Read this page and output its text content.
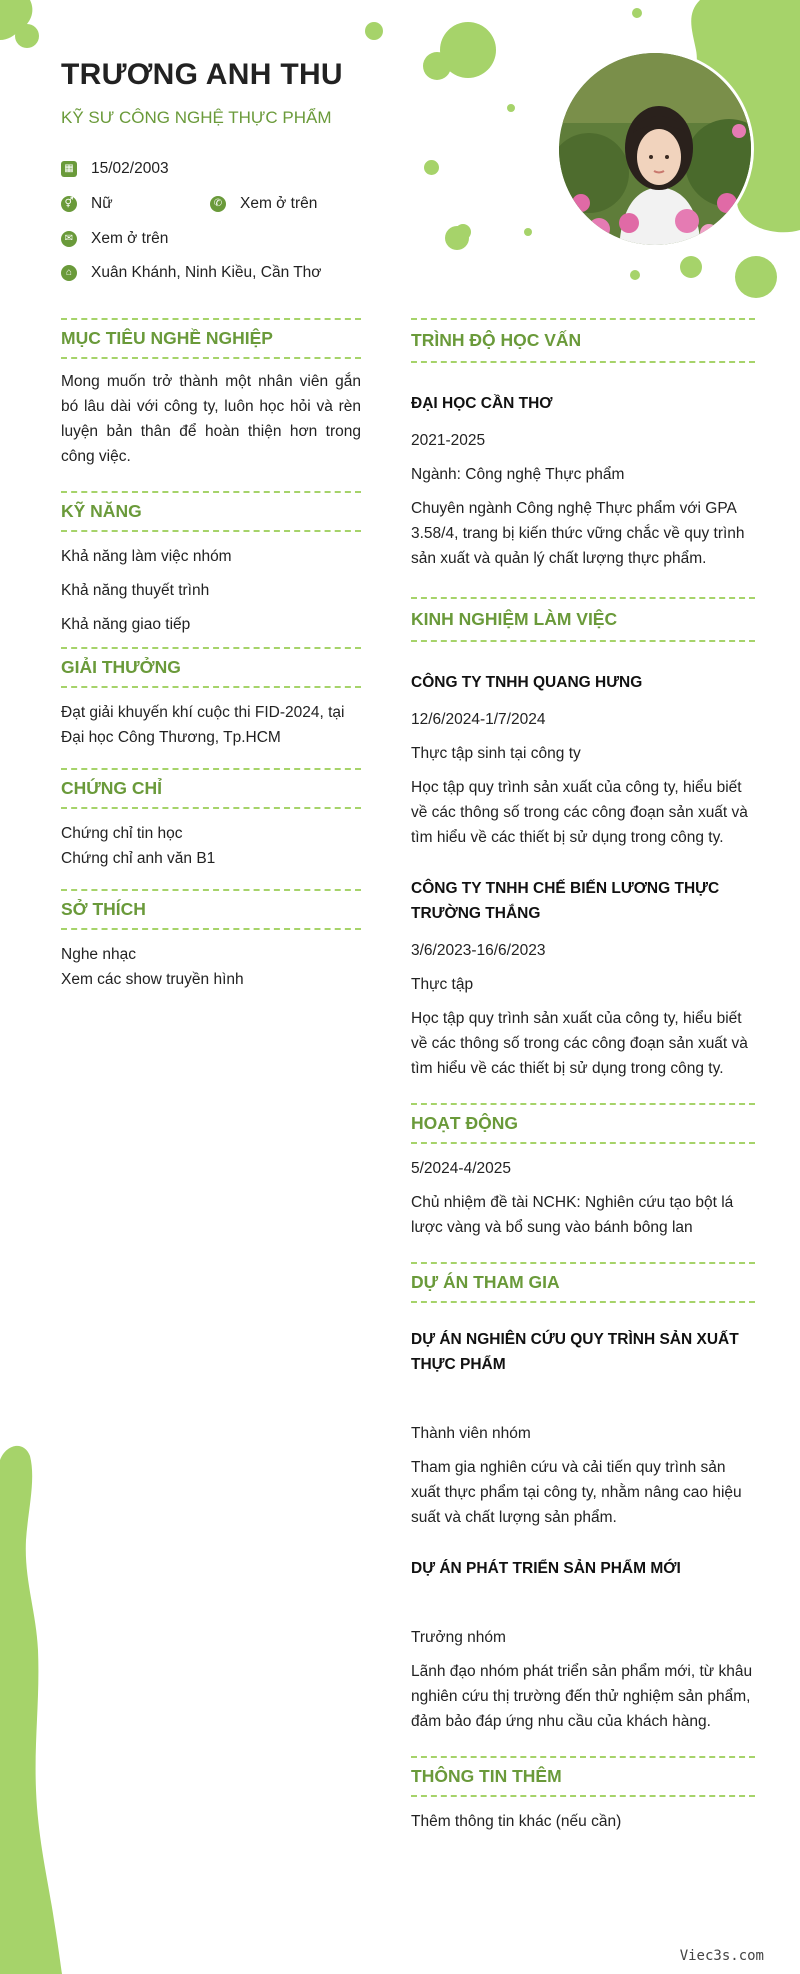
TRƯƠNG ANH THU
KỸ SƯ CÔNG NGHỆ THỰC PHẨM
▦ 15/02/2003
⚥ Nữ	✆ Xem ở trên
✉ Xem ở trên
⌂	Xuân Khánh, Ninh Kiều, Cần Thơ
MỤC TIÊU NGHỀ NGHIỆP
Mong muốn trở thành một nhân viên gắn bó lâu dài với công ty, luôn học hỏi và rèn luyện bản thân để hoàn thiện hơn trong công việc.
KỸ NĂNG
Khả năng làm việc nhóm
Khả năng thuyết trình
Khả năng giao tiếp
GIẢI THƯỞNG
Đạt giải khuyến khí cuộc thi FID-2024, tại Đại học Công Thương, Tp.HCM
CHỨNG CHỈ
Chứng chỉ tin học
Chứng chỉ anh văn B1
SỞ THÍCH
Nghe nhạc
Xem các show truyền hình
TRÌNH ĐỘ HỌC VẤN
ĐẠI HỌC CẦN THƠ
2021-2025
Ngành: Công nghệ Thực phẩm
Chuyên ngành Công nghệ Thực phẩm với GPA 3.58/4, trang bị kiến thức vững chắc về quy trình sản xuất và quản lý chất lượng thực phẩm.
KINH NGHIỆM LÀM VIỆC
CÔNG TY TNHH QUANG HƯNG
12/6/2024-1/7/2024
Thực tập sinh tại công ty
Học tập quy trình sản xuất của công ty, hiểu biết về các thông số trong các công đoạn sản xuất và tìm hiểu về các thiết bị sử dụng trong công ty.
CÔNG TY TNHH CHẾ BIẾN LƯƠNG THỰC TRƯỜNG THẮNG
3/6/2023-16/6/2023
Thực tập
Học tập quy trình sản xuất của công ty, hiểu biết về các thông số trong các công đoạn sản xuất và tìm hiểu về các thiết bị sử dụng trong công ty.
HOẠT ĐỘNG
5/2024-4/2025
Chủ nhiệm đề tài NCHK: Nghiên cứu tạo bột lá lược vàng và bổ sung vào bánh bông lan
DỰ ÁN THAM GIA
DỰ ÁN NGHIÊN CỨU QUY TRÌNH SẢN XUẤT THỰC PHẨM
Thành viên nhóm
Tham gia nghiên cứu và cải tiến quy trình sản xuất thực phẩm tại công ty, nhằm nâng cao hiệu suất và chất lượng sản phẩm.
DỰ ÁN PHÁT TRIỂN SẢN PHẨM MỚI
Trưởng nhóm
Lãnh đạo nhóm phát triển sản phẩm mới, từ khâu nghiên cứu thị trường đến thử nghiệm sản phẩm, đảm bảo đáp ứng nhu cầu của khách hàng.
THÔNG TIN THÊM
Thêm thông tin khác (nếu cần)
Viec3s.com
